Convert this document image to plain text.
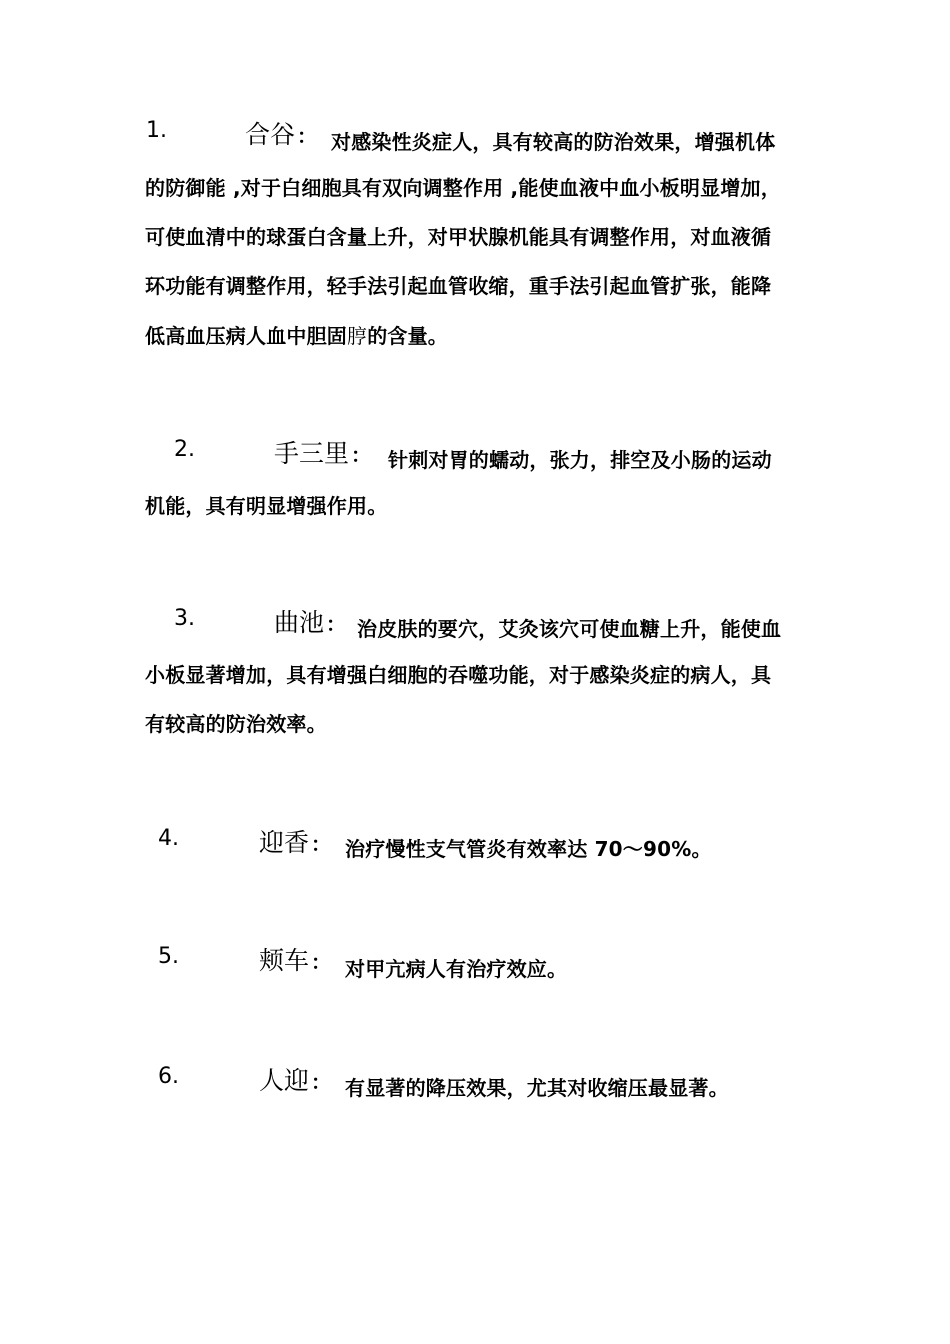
1.	合谷 ： 对感染性炎症人，具有较高的防治效果，增强机体
的防御能 ,对于白细胞具有双向调整作用 ,能使血液中血小板明显增加，
可使血清中的球蛋白含量上升，对甲状腺机能具有调整作用，对血液循
环功能有调整作用，轻手法引起血管收缩，重手法引起血管扩张，能降
低高血压病人血中胆固脝的含量。
2.	手三里 ： 针刺对胃的蠕动，张力，排空及小肠的运动
机能，具有明显增强作用。
3.	曲池 ： 治皮肤的要穴，艾灸该穴可使血糖上升，能使血
小板显著增加，具有增强白细胞的吞噬功能，对于感染炎症的病人，具
有较高的防治效率。
4.	迎香 ： 治疗慢性支气管炎有效率达 70～90%。
5.	颊车 ： 对甲亢病人有治疗效应。
6.	人迎 ： 有显著的降压效果，尤其对收缩压最显著。
